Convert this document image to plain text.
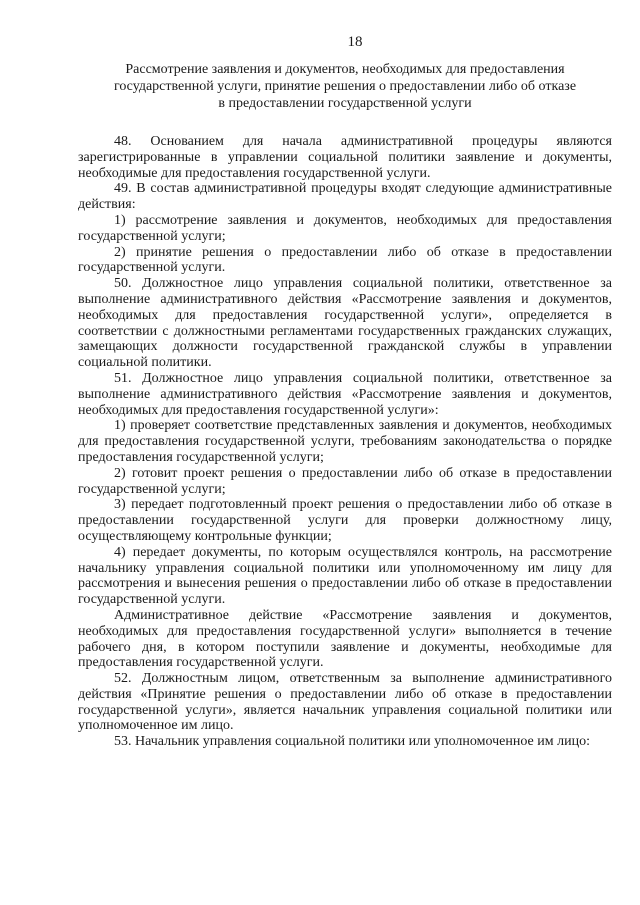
18
Рассмотрение заявления и документов, необходимых для предоставления
государственной услуги, принятие решения о предоставлении либо об отказе
в предоставлении государственной услуги

48. Основанием для начала административной процедуры являются зарегистрированные в управлении социальной политики заявление и документы, необходимые для предоставления государственной услуги.

49. В состав административной процедуры входят следующие административные действия:

1) рассмотрение заявления и документов, необходимых для предоставления государственной услуги;

2) принятие решения о предоставлении либо об отказе в предоставлении государственной услуги.

50. Должностное лицо управления социальной политики, ответственное за выполнение административного действия «Рассмотрение заявления и документов, необходимых для предоставления государственной услуги», определяется в соответствии с должностными регламентами государственных гражданских служащих, замещающих должности государственной гражданской службы в управлении социальной политики.

51. Должностное лицо управления социальной политики, ответственное за выполнение административного действия «Рассмотрение заявления и документов, необходимых для предоставления государственной услуги»:

1) проверяет соответствие представленных заявления и документов, необходимых для предоставления государственной услуги, требованиям законодательства о порядке предоставления государственной услуги;

2) готовит проект решения о предоставлении либо об отказе в предоставлении государственной услуги;

3) передает подготовленный проект решения о предоставлении либо об отказе в предоставлении государственной услуги для проверки должностному лицу, осуществляющему контрольные функции;

4) передает документы, по которым осуществлялся контроль, на рассмотрение начальнику управления социальной политики или уполномоченному им лицу для рассмотрения и вынесения решения о предоставлении либо об отказе в предоставлении государственной услуги.

Административное действие «Рассмотрение заявления и документов, необходимых для предоставления государственной услуги» выполняется в течение рабочего дня, в котором поступили заявление и документы, необходимые для предоставления государственной услуги.

52. Должностным лицом, ответственным за выполнение административного действия «Принятие решения о предоставлении либо об отказе в предоставлении государственной услуги», является начальник управления социальной политики или уполномоченное им лицо.

53. Начальник управления социальной политики или уполномоченное им лицо:
